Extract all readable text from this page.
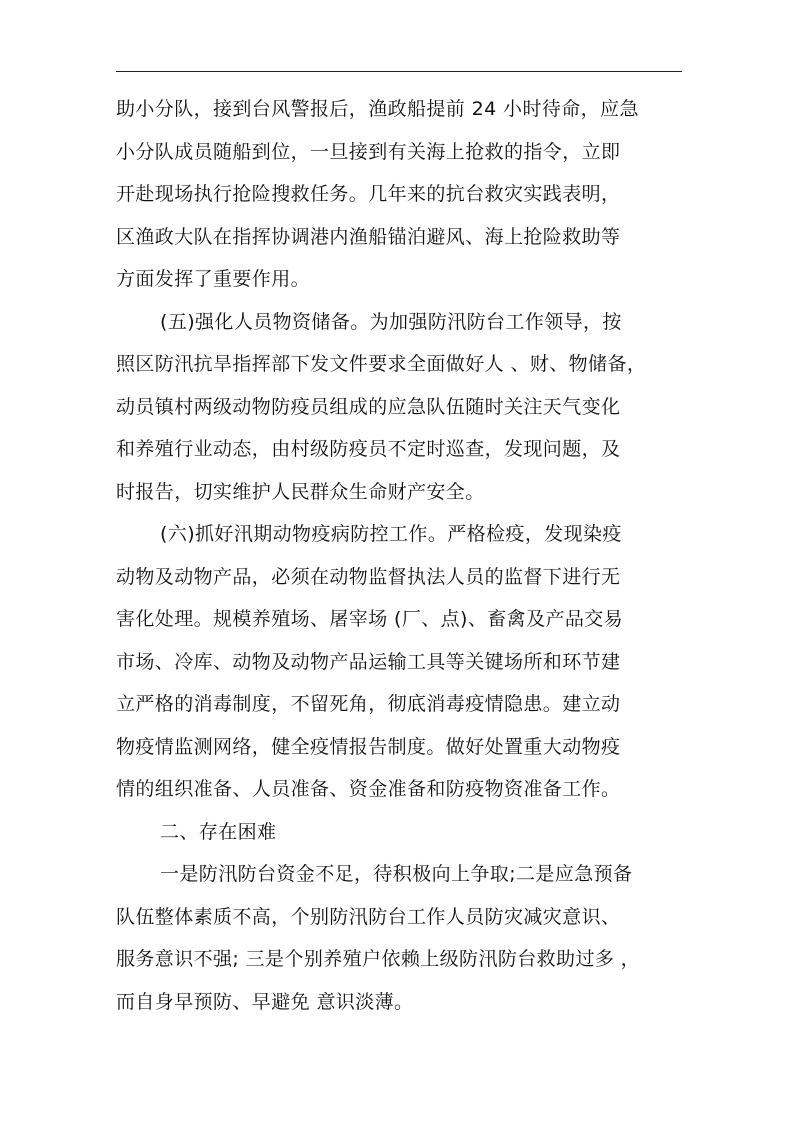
助小分队，接到台风警报后，渔政船提前 24 小时待命，应急
小分队成员随船到位，一旦接到有关海上抢救的指令，立即
开赴现场执行抢险搜救任务。几年来的抗台救灾实践表明，
区渔政大队在指挥协调港内渔船锚泊避风、海上抢险救助等
方面发挥了重要作用。
(五)强化人员物资储备。为加强防汛防台工作领导，按
照区防汛抗旱指挥部下发文件要求全面做好人 、财、物储备，
动员镇村两级动物防疫员组成的应急队伍随时关注天气变化
和养殖行业动态，由村级防疫员不定时巡查，发现问题，及
时报告，切实维护人民群众生命财产安全。
(六)抓好汛期动物疫病防控工作。严格检疫，发现染疫
动物及动物产品，必须在动物监督执法人员的监督下进行无
害化处理。规模养殖场、屠宰场 (厂、点)、畜禽及产品交易
市场、冷库、动物及动物产品运输工具等关键场所和环节建
立严格的消毒制度，不留死角，彻底消毒疫情隐患。建立动
物疫情监测网络，健全疫情报告制度。做好处置重大动物疫
情的组织准备、人员准备、资金准备和防疫物资准备工作。
二、存在困难
一是防汛防台资金不足，待积极向上争取;二是应急预备
队伍整体素质不高，个别防汛防台工作人员防灾减灾意识、
服务意识不强; 三是个别养殖户依赖上级防汛防台救助过多 ，
而自身早预防、早避免 意识淡薄。
